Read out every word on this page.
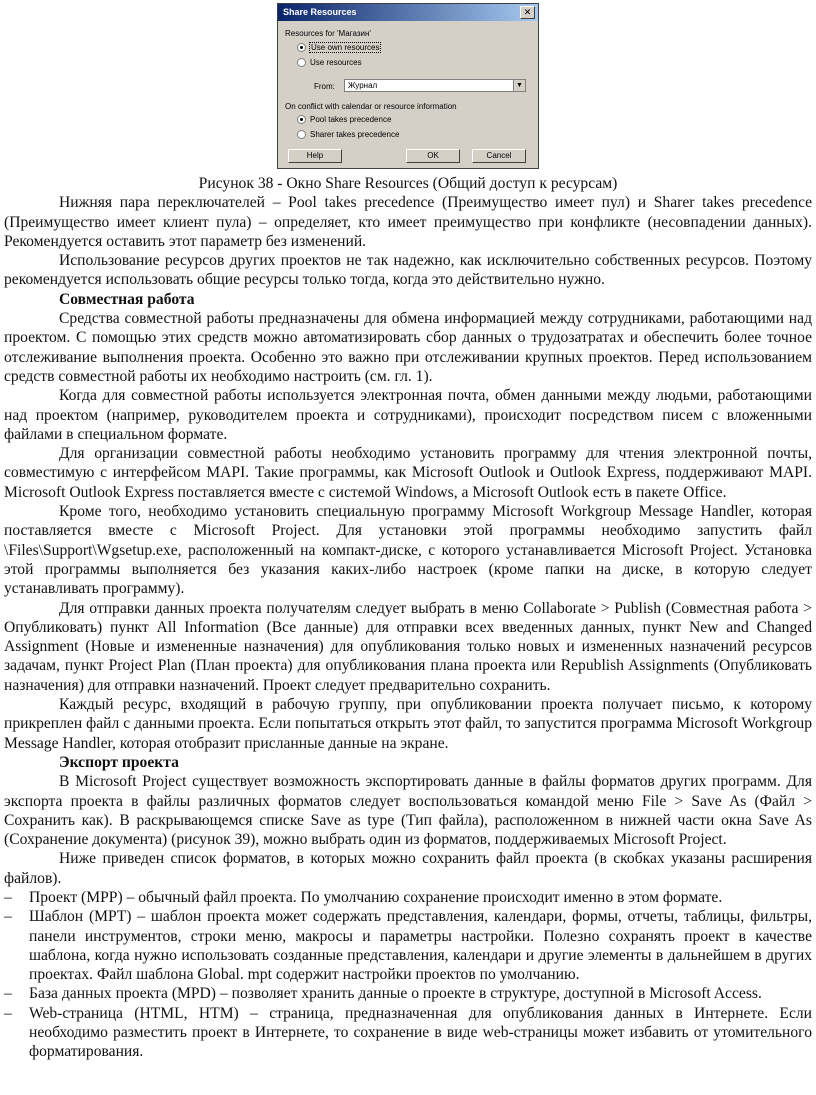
Share Resources	✕
Resources for 'Магазин'
Use own resources
Use resources
From:	Журнал	▼
On conflict with calendar or resource information
Pool takes precedence
Sharer takes precedence
Help	OK	Cancel
Рисунок 38 - Окно Share Resources (Общий доступ к ресурсам)

Нижняя пара переключателей – Pool takes precedence (Преимущество имеет пул) и Sharer takes precedence (Преимущество имеет клиент пула) – определяет, кто имеет преимущество при конфликте (несовпадении данных). Рекомендуется оставить этот параметр без изменений.

Использование ресурсов других проектов не так надежно, как исключительно собственных ресурсов. Поэтому рекомендуется использовать общие ресурсы только тогда, когда это действительно нужно.

Совместная работа

Средства совместной работы предназначены для обмена информацией между сотрудниками, работающими над проектом. С помощью этих средств можно автоматизировать сбор данных о трудозатратах и обеспечить более точное отслеживание выполнения проекта. Особенно это важно при отслеживании крупных проектов. Перед использованием средств совместной работы их необходимо настроить (см. гл. 1).

Когда для совместной работы используется электронная почта, обмен данными между людьми, работающими над проектом (например, руководителем проекта и сотрудниками), происходит посредством писем с вложенными файлами в специальном формате.

Для организации совместной работы необходимо установить программу для чтения электронной почты, совместимую с интерфейсом MAPI. Такие программы, как Microsoft Outlook и Outlook Express, поддерживают MAPI. Microsoft Outlook Express поставляется вместе с системой Windows, а Microsoft Outlook есть в пакете Office.

Кроме того, необходимо установить специальную программу Microsoft Workgroup Message Handler, которая поставляется вместе с Microsoft Project. Для установки этой программы необходимо запустить файл \Files\Support\Wgsetup.exe, расположенный на компакт-диске, с которого устанавливается Microsoft Project. Установка этой программы выполняется без указания каких-либо настроек (кроме папки на диске, в которую следует устанавливать программу).

Для отправки данных проекта получателям следует выбрать в меню Collaborate > Publish (Совместная работа > Опубликовать) пункт All Information (Все данные) для отправки всех введенных данных, пункт New and Changed Assignment (Новые и измененные назначения) для опубликования только новых и измененных назначений ресурсов задачам, пункт Project Plan (План проекта) для опубликования плана проекта или Republish Assignments (Опубликовать назначения) для отправки назначений. Проект следует предварительно сохранить.

Каждый ресурс, входящий в рабочую группу, при опубликовании проекта получает письмо, к которому прикреплен файл с данными проекта. Если попытаться открыть этот файл, то запустится программа Microsoft Workgroup Message Handler, которая отобразит присланные данные на экране.

Экспорт проекта

В Microsoft Project существует возможность экспортировать данные в файлы форматов других программ. Для экспорта проекта в файлы различных форматов следует воспользоваться командой меню File > Save As (Файл > Сохранить как). В раскрывающемся списке Save as type (Тип файла), расположенном в нижней части окна Save As (Сохранение документа) (рисунок 39), можно выбрать один из форматов, поддерживаемых Microsoft Project.

Ниже приведен список форматов, в которых можно сохранить файл проекта (в скобках указаны расширения файлов).

– Проект (MPP) – обычный файл проекта. По умолчанию сохранение происходит именно в этом формате.

– Шаблон (MPT) – шаблон проекта может содержать представления, календари, формы, отчеты, таблицы, фильтры, панели инструментов, строки меню, макросы и параметры настройки. Полезно сохранять проект в качестве шаблона, когда нужно использовать созданные представления, календари и другие элементы в дальнейшем в других проектах. Файл шаблона Global. mpt содержит настройки проектов по умолчанию.

– База данных проекта (MPD) – позволяет хранить данные о проекте в структуре, доступной в Microsoft Access.

– Web-страница (HTML, HTM) – страница, предназначенная для опубликования данных в Интернете. Если необходимо разместить проект в Интернете, то сохранение в виде web-страницы может избавить от утомительного форматирования.
